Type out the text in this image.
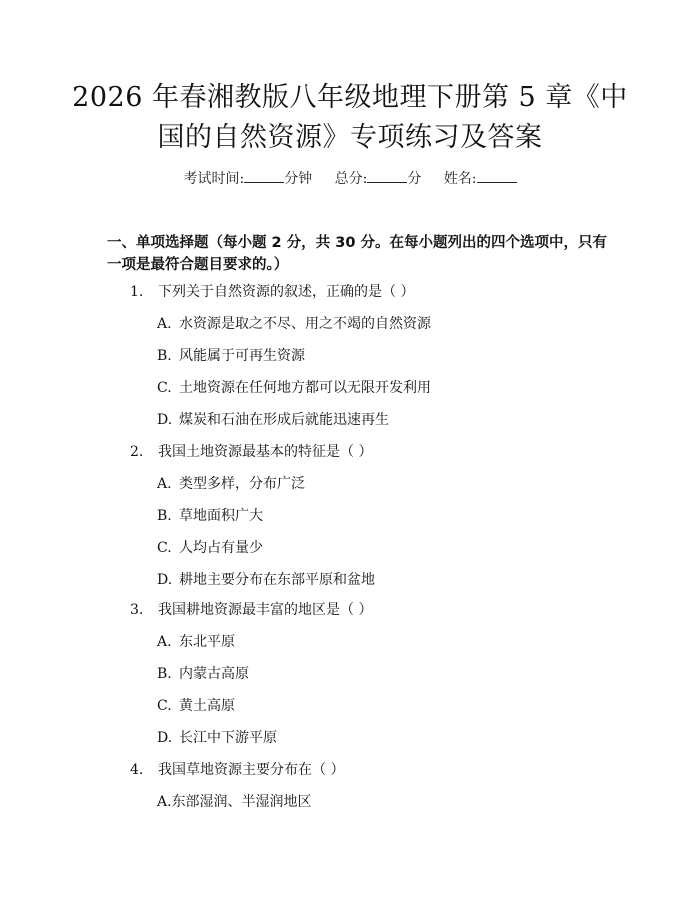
2026 年春湘教版八年级地理下册第 5 章《中
国的自然资源》专项练习及答案
考试时间:	分钟 总分:	分 姓名:
一、单项选择题（每小题 2 分，共 30 分。在每小题列出的四个选项中，只有一项是最符合题目要求的。）
1. 下列关于自然资源的叙述，正确的是（ ）
A. 水资源是取之不尽、用之不竭的自然资源
B. 风能属于可再生资源
C. 土地资源在任何地方都可以无限开发利用
D. 煤炭和石油在形成后就能迅速再生
2. 我国土地资源最基本的特征是（ ）
A. 类型多样，分布广泛
B. 草地面积广大
C. 人均占有量少
D. 耕地主要分布在东部平原和盆地
3. 我国耕地资源最丰富的地区是（ ）
A. 东北平原
B. 内蒙古高原
C. 黄土高原
D. 长江中下游平原
4. 我国草地资源主要分布在（ ）
A.东部湿润、半湿润地区
